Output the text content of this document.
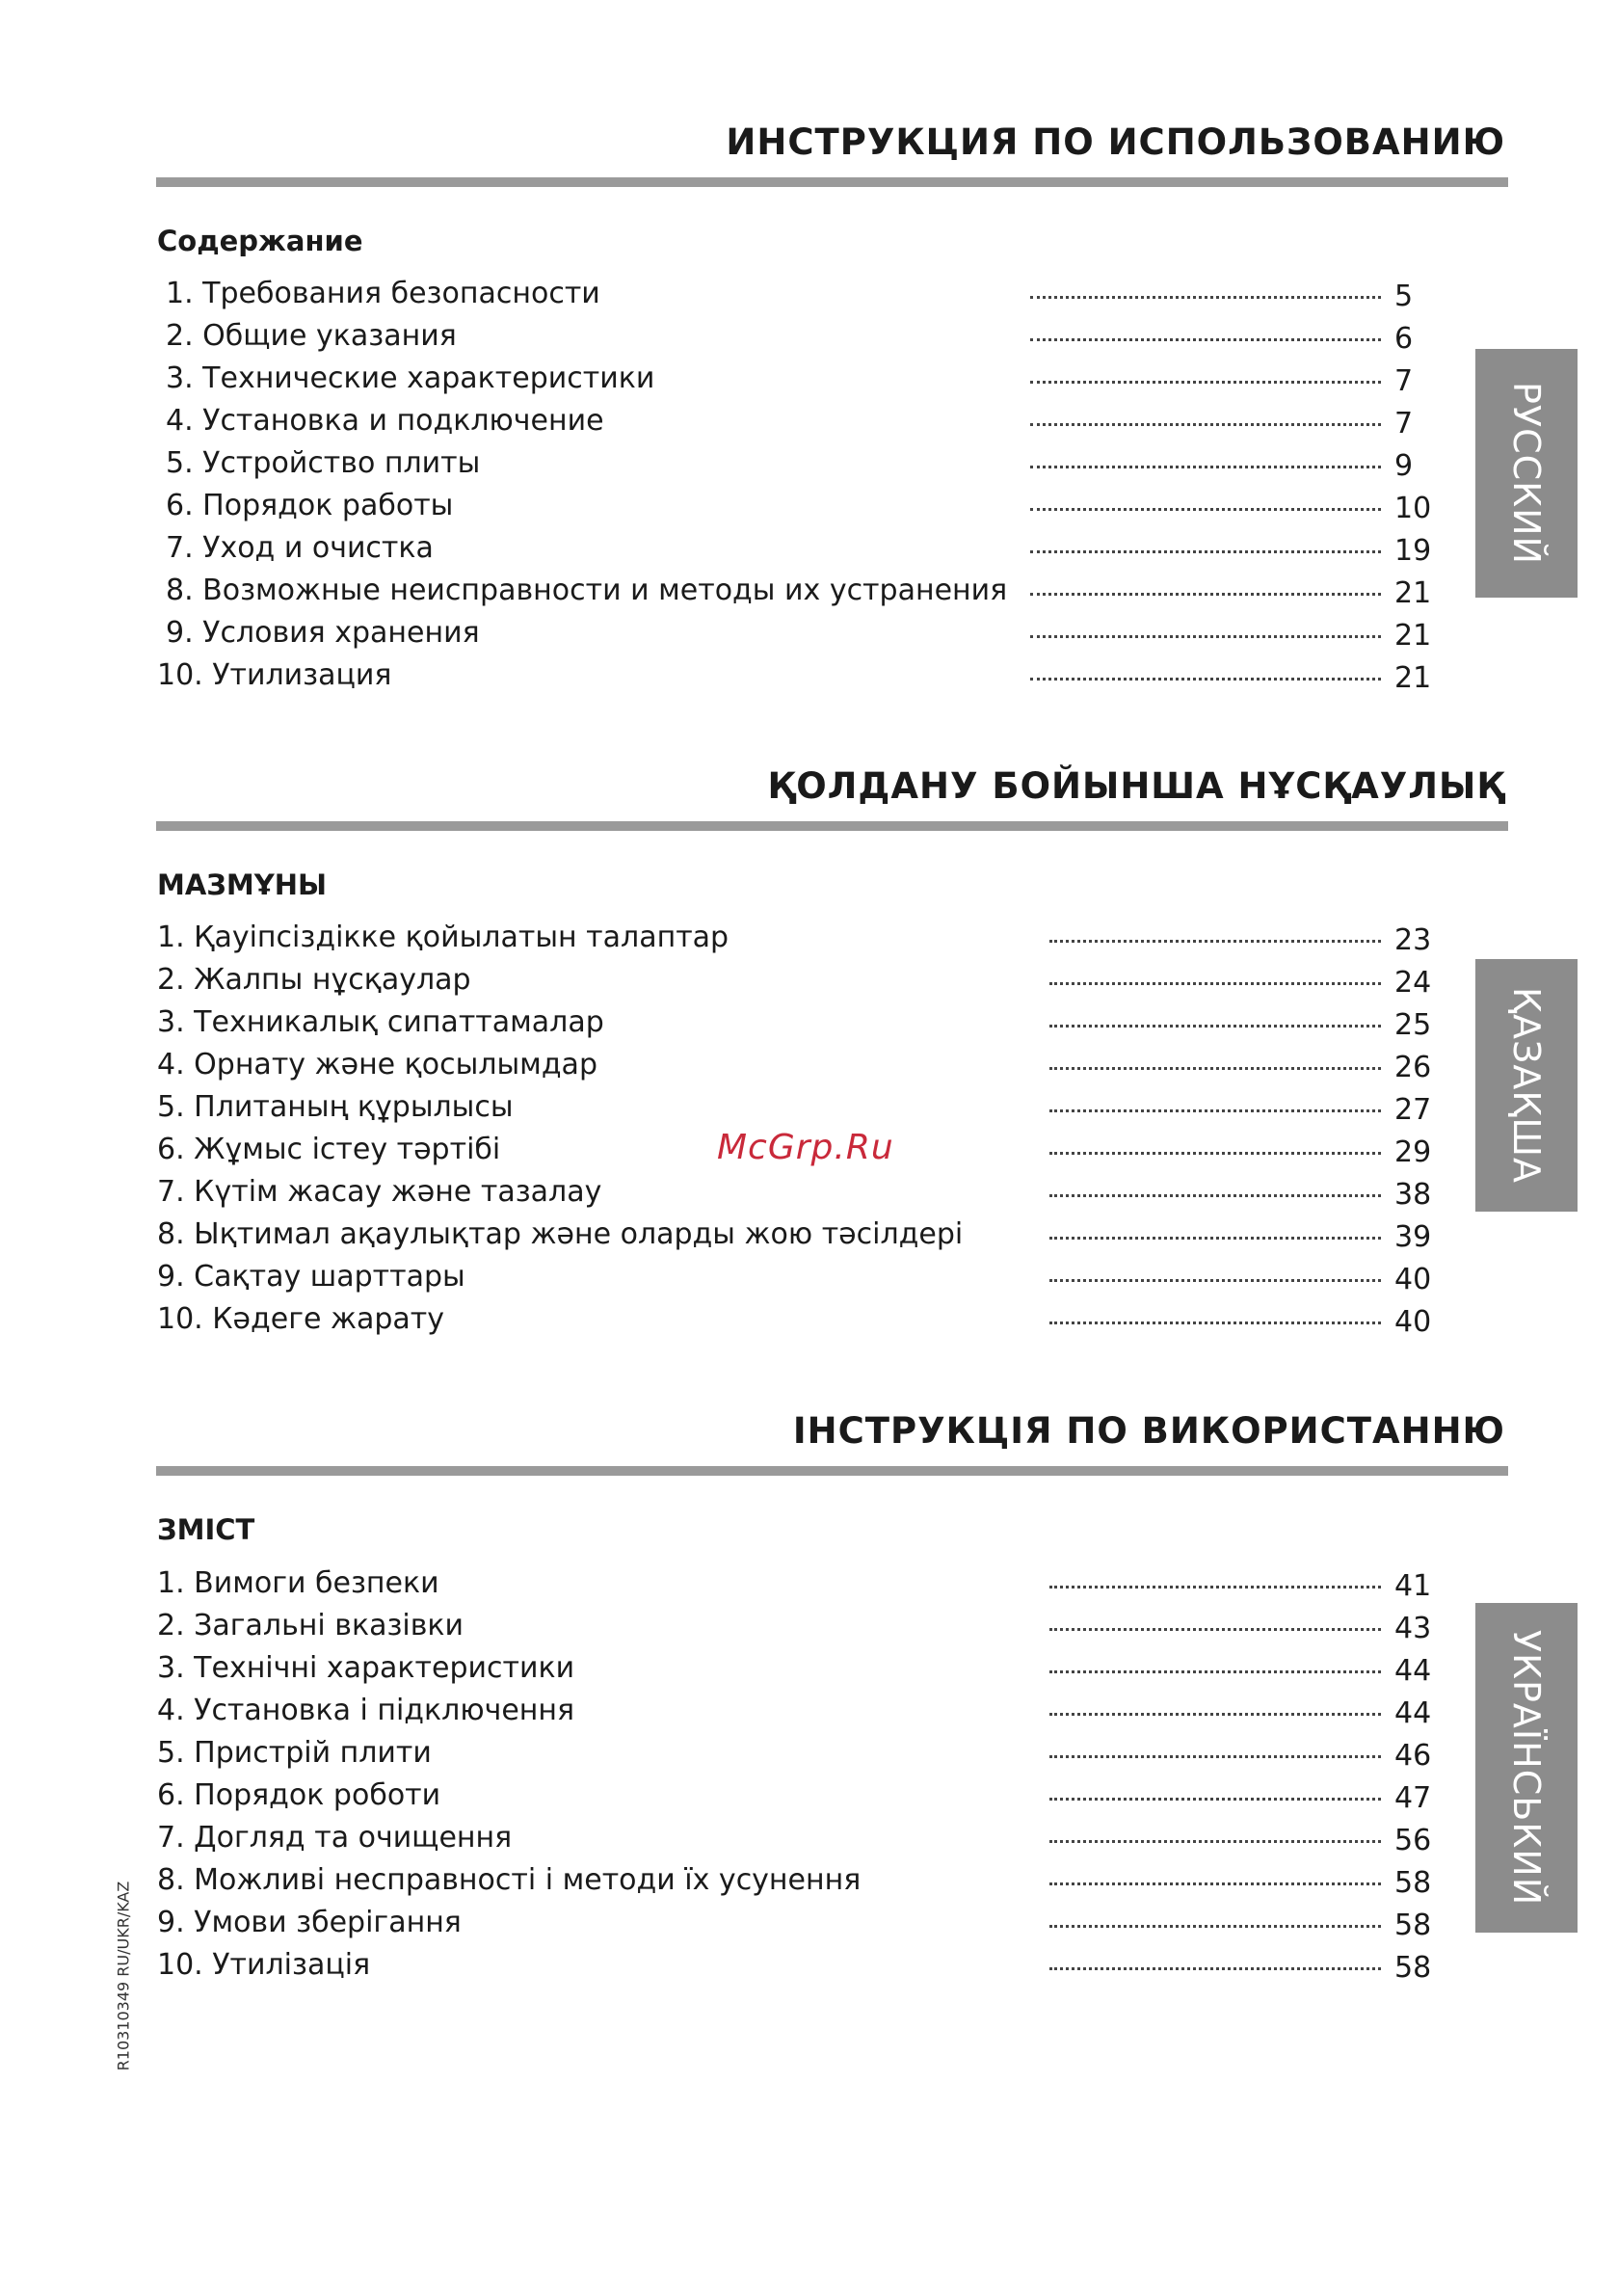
ИНСТРУКЦИЯ ПО ИСПОЛЬЗОВАНИЮ
Содержание
ҚОЛДАНУ БОЙЫНША НҰСҚАУЛЫҚ
МАЗМҰНЫ
ІНСТРУКЦІЯ ПО ВИКОРИСТАННЮ
ЗМІСТ
РУССКИЙ
ҚАЗАҚША
УКРАЇНСЬКИЙ
McGrp.Ru
R10310349 RU/UKR/KAZ
1. Требования безопасности	5
2. Общие указания	6
3. Технические характеристики	7
4. Установка и подключение	7
5. Устройство плиты	9
6. Порядок работы	10
7. Уход и очистка	19
8. Возможные неисправности и методы их устранения	21
9. Условия хранения	21
10. Утилизация	21
1. Қауіпсіздікке қойылатын талаптар	23
2. Жалпы нұсқаулар	24
3. Техникалық сипаттамалар	25
4. Орнату және қосылымдар	26
5. Плитаның құрылысы	27
6. Жұмыс істеу тәртібі	29
7. Күтім жасау және тазалау	38
8. Ықтимал ақаулықтар және оларды жою тәсілдері	39
9. Сақтау шарттары	40
10. Кәдеге жарату	40
1. Вимоги безпеки	41
2. Загальні вказівки	43
3. Технічні характеристики	44
4. Установка і підключення	44
5. Пристрій плити	46
6. Порядок роботи	47
7. Догляд та очищення	56
8. Можливі несправності і методи їх усунення	58
9. Умови зберігання	58
10. Утилізація	58
